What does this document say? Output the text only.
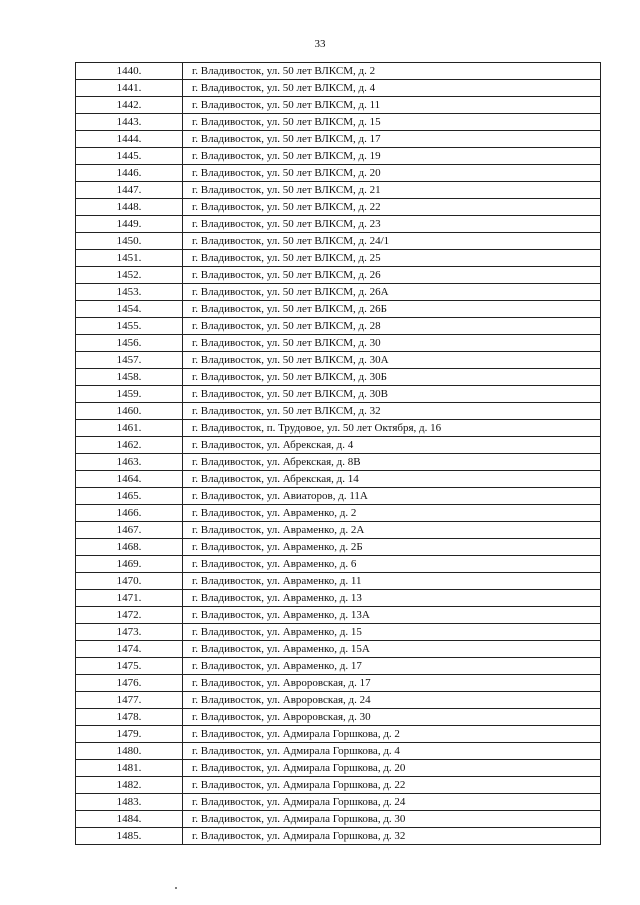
33
1440.	г. Владивосток, ул. 50 лет ВЛКСМ, д. 2
1441.	г. Владивосток, ул. 50 лет ВЛКСМ, д. 4
1442.	г. Владивосток, ул. 50 лет ВЛКСМ, д. 11
1443.	г. Владивосток, ул. 50 лет ВЛКСМ, д. 15
1444.	г. Владивосток, ул. 50 лет ВЛКСМ, д. 17
1445.	г. Владивосток, ул. 50 лет ВЛКСМ, д. 19
1446.	г. Владивосток, ул. 50 лет ВЛКСМ, д. 20
1447.	г. Владивосток, ул. 50 лет ВЛКСМ, д. 21
1448.	г. Владивосток, ул. 50 лет ВЛКСМ, д. 22
1449.	г. Владивосток, ул. 50 лет ВЛКСМ, д. 23
1450.	г. Владивосток, ул. 50 лет ВЛКСМ, д. 24/1
1451.	г. Владивосток, ул. 50 лет ВЛКСМ, д. 25
1452.	г. Владивосток, ул. 50 лет ВЛКСМ, д. 26
1453.	г. Владивосток, ул. 50 лет ВЛКСМ, д. 26А
1454.	г. Владивосток, ул. 50 лет ВЛКСМ, д. 26Б
1455.	г. Владивосток, ул. 50 лет ВЛКСМ, д. 28
1456.	г. Владивосток, ул. 50 лет ВЛКСМ, д. 30
1457.	г. Владивосток, ул. 50 лет ВЛКСМ, д. 30А
1458.	г. Владивосток, ул. 50 лет ВЛКСМ, д. 30Б
1459.	г. Владивосток, ул. 50 лет ВЛКСМ, д. 30В
1460.	г. Владивосток, ул. 50 лет ВЛКСМ, д. 32
1461.	г. Владивосток, п. Трудовое, ул. 50 лет Октября, д. 16
1462.	г. Владивосток, ул. Абрекская, д. 4
1463.	г. Владивосток, ул. Абрекская, д. 8В
1464.	г. Владивосток, ул. Абрекская, д. 14
1465.	г. Владивосток, ул. Авиаторов, д. 11А
1466.	г. Владивосток, ул. Авраменко, д. 2
1467.	г. Владивосток, ул. Авраменко, д. 2А
1468.	г. Владивосток, ул. Авраменко, д. 2Б
1469.	г. Владивосток, ул. Авраменко, д. 6
1470.	г. Владивосток, ул. Авраменко, д. 11
1471.	г. Владивосток, ул. Авраменко, д. 13
1472.	г. Владивосток, ул. Авраменко, д. 13А
1473.	г. Владивосток, ул. Авраменко, д. 15
1474.	г. Владивосток, ул. Авраменко, д. 15А
1475.	г. Владивосток, ул. Авраменко, д. 17
1476.	г. Владивосток, ул. Авроровская, д. 17
1477.	г. Владивосток, ул. Авроровская, д. 24
1478.	г. Владивосток, ул. Авроровская, д. 30
1479.	г. Владивосток, ул. Адмирала Горшкова, д. 2
1480.	г. Владивосток, ул. Адмирала Горшкова, д. 4
1481.	г. Владивосток, ул. Адмирала Горшкова, д. 20
1482.	г. Владивосток, ул. Адмирала Горшкова, д. 22
1483.	г. Владивосток, ул. Адмирала Горшкова, д. 24
1484.	г. Владивосток, ул. Адмирала Горшкова, д. 30
1485.	г. Владивосток, ул. Адмирала Горшкова, д. 32
